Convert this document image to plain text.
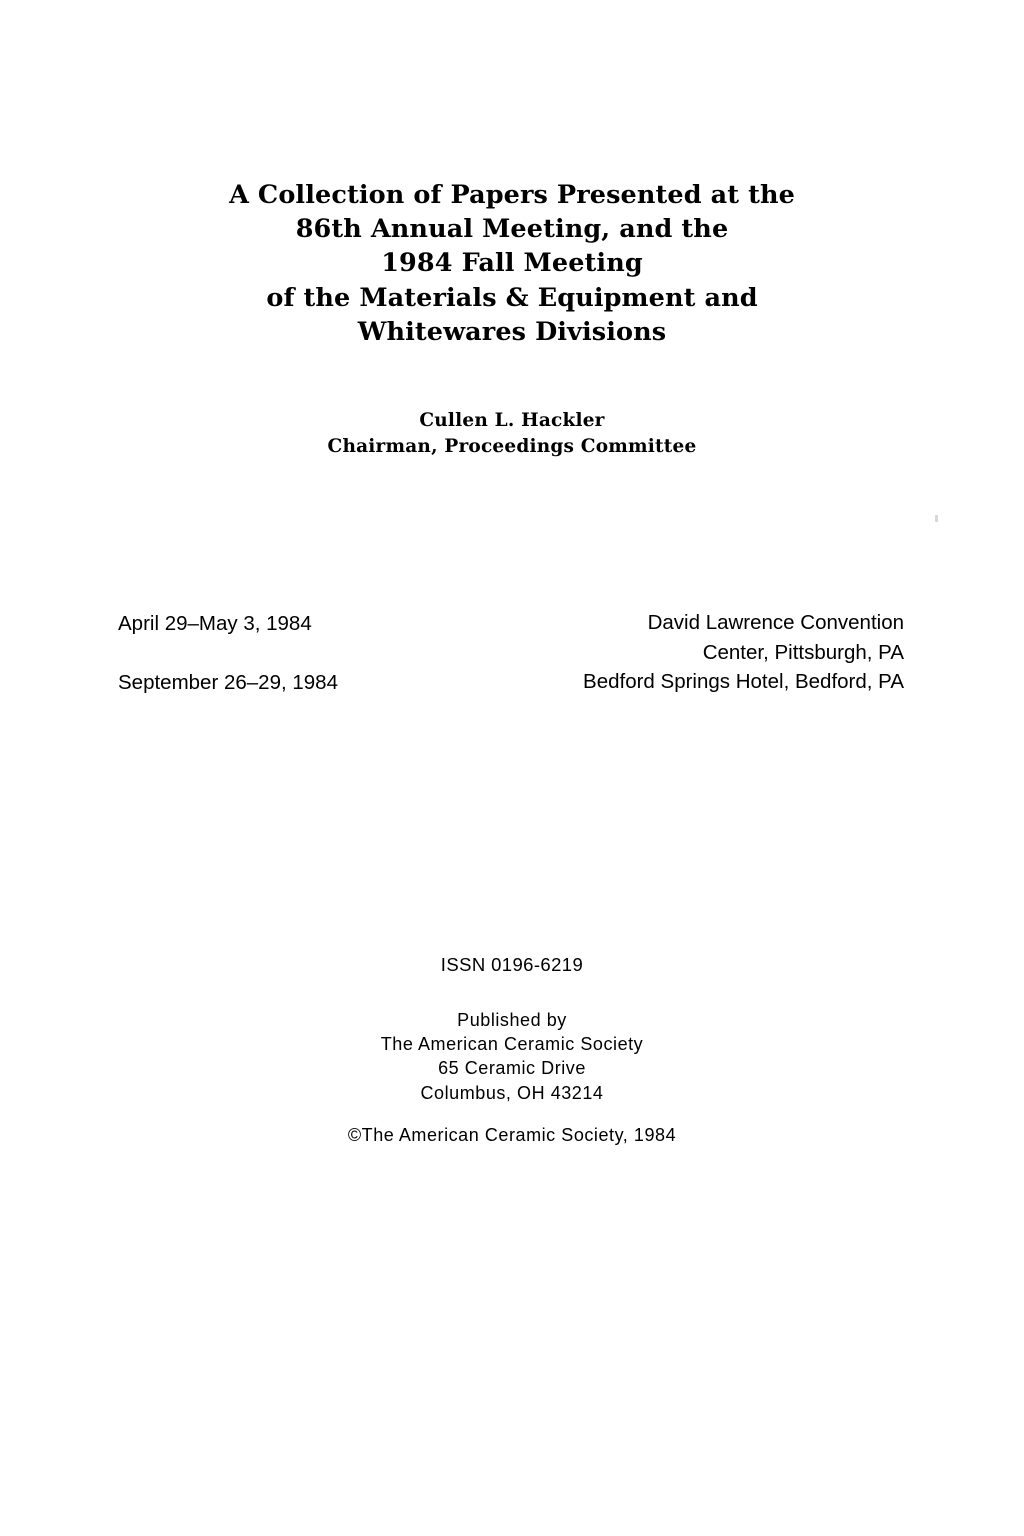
A Collection of Papers Presented at the
86th Annual Meeting, and the
1984 Fall Meeting
of the Materials & Equipment and
Whitewares Divisions
Cullen L. Hackler
Chairman, Proceedings Committee
April 29–May 3, 1984
September 26–29, 1984
David Lawrence Convention
Center, Pittsburgh, PA
Bedford Springs Hotel, Bedford, PA
ISSN 0196-6219
Published by
The American Ceramic Society
65 Ceramic Drive
Columbus, OH 43214
©The American Ceramic Society, 1984
